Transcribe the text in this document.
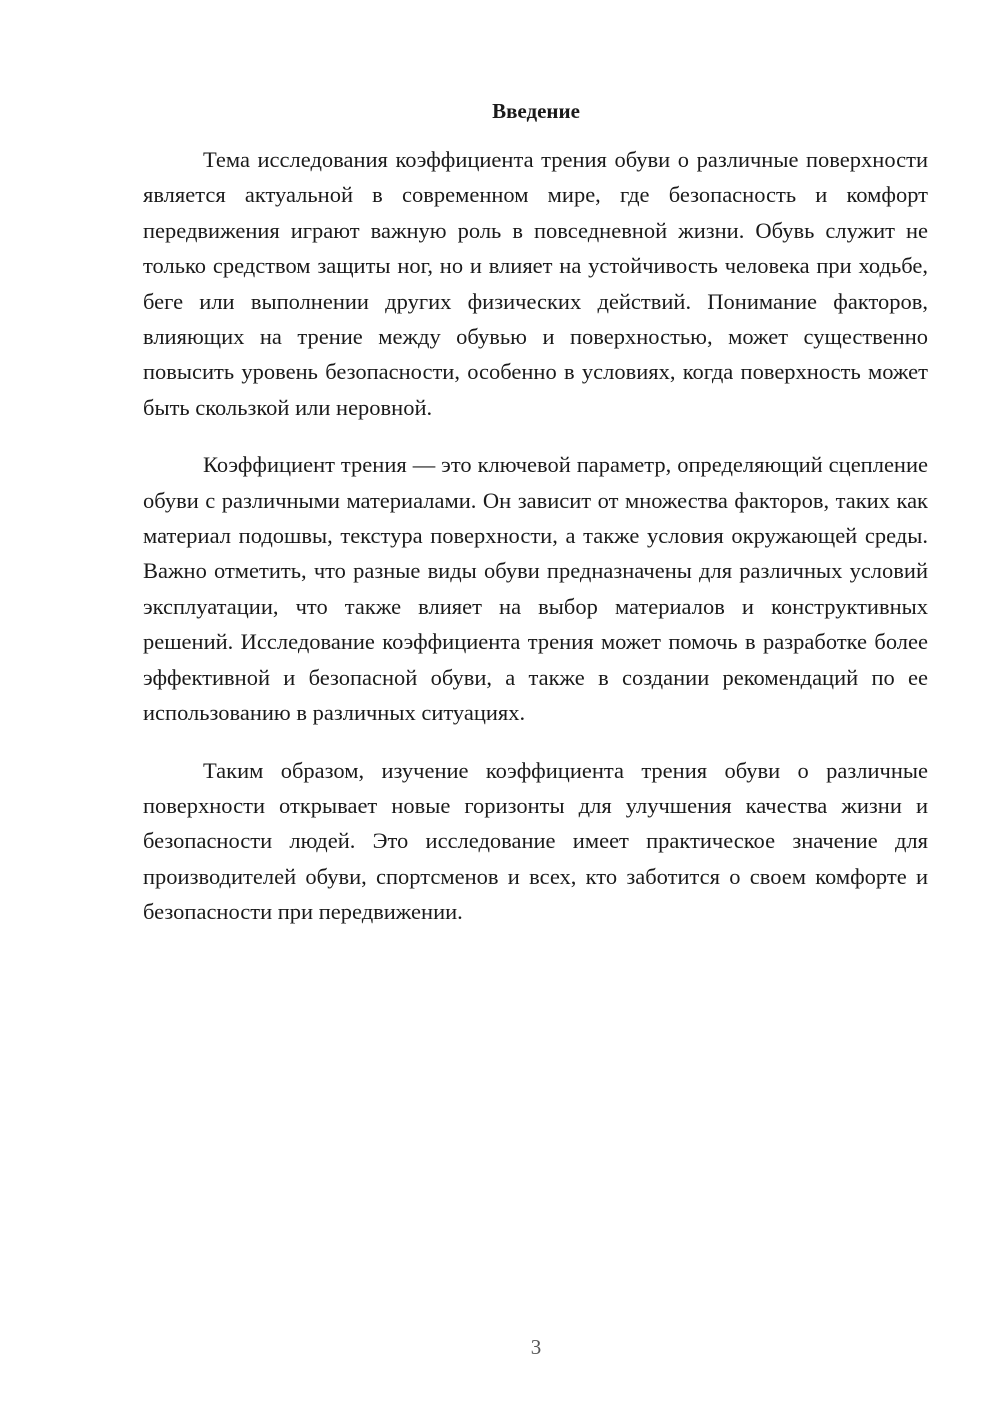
Введение

Тема исследования коэффициента трения обуви о различные поверхности является актуальной в современном мире, где безопасность и комфорт передвижения играют важную роль в повседневной жизни. Обувь служит не только средством защиты ног, но и влияет на устойчивость человека при ходьбе, беге или выполнении других физических действий. Понимание факторов, влияющих на трение между обувью и поверхностью, может существенно повысить уровень безопасности, особенно в условиях, когда поверхность может быть скользкой или неровной.

Коэффициент трения — это ключевой параметр, определяющий сцепление обуви с различными материалами. Он зависит от множества факторов, таких как материал подошвы, текстура поверхности, а также условия окружающей среды. Важно отметить, что разные виды обуви предназначены для различных условий эксплуатации, что также влияет на выбор материалов и конструктивных решений. Исследование коэффициента трения может помочь в разработке более эффективной и безопасной обуви, а также в создании рекомендаций по ее использованию в различных ситуациях.

Таким образом, изучение коэффициента трения обуви о различные поверхности открывает новые горизонты для улучшения качества жизни и безопасности людей. Это исследование имеет практическое значение для производителей обуви, спортсменов и всех, кто заботится о своем комфорте и безопасности при передвижении.

3
